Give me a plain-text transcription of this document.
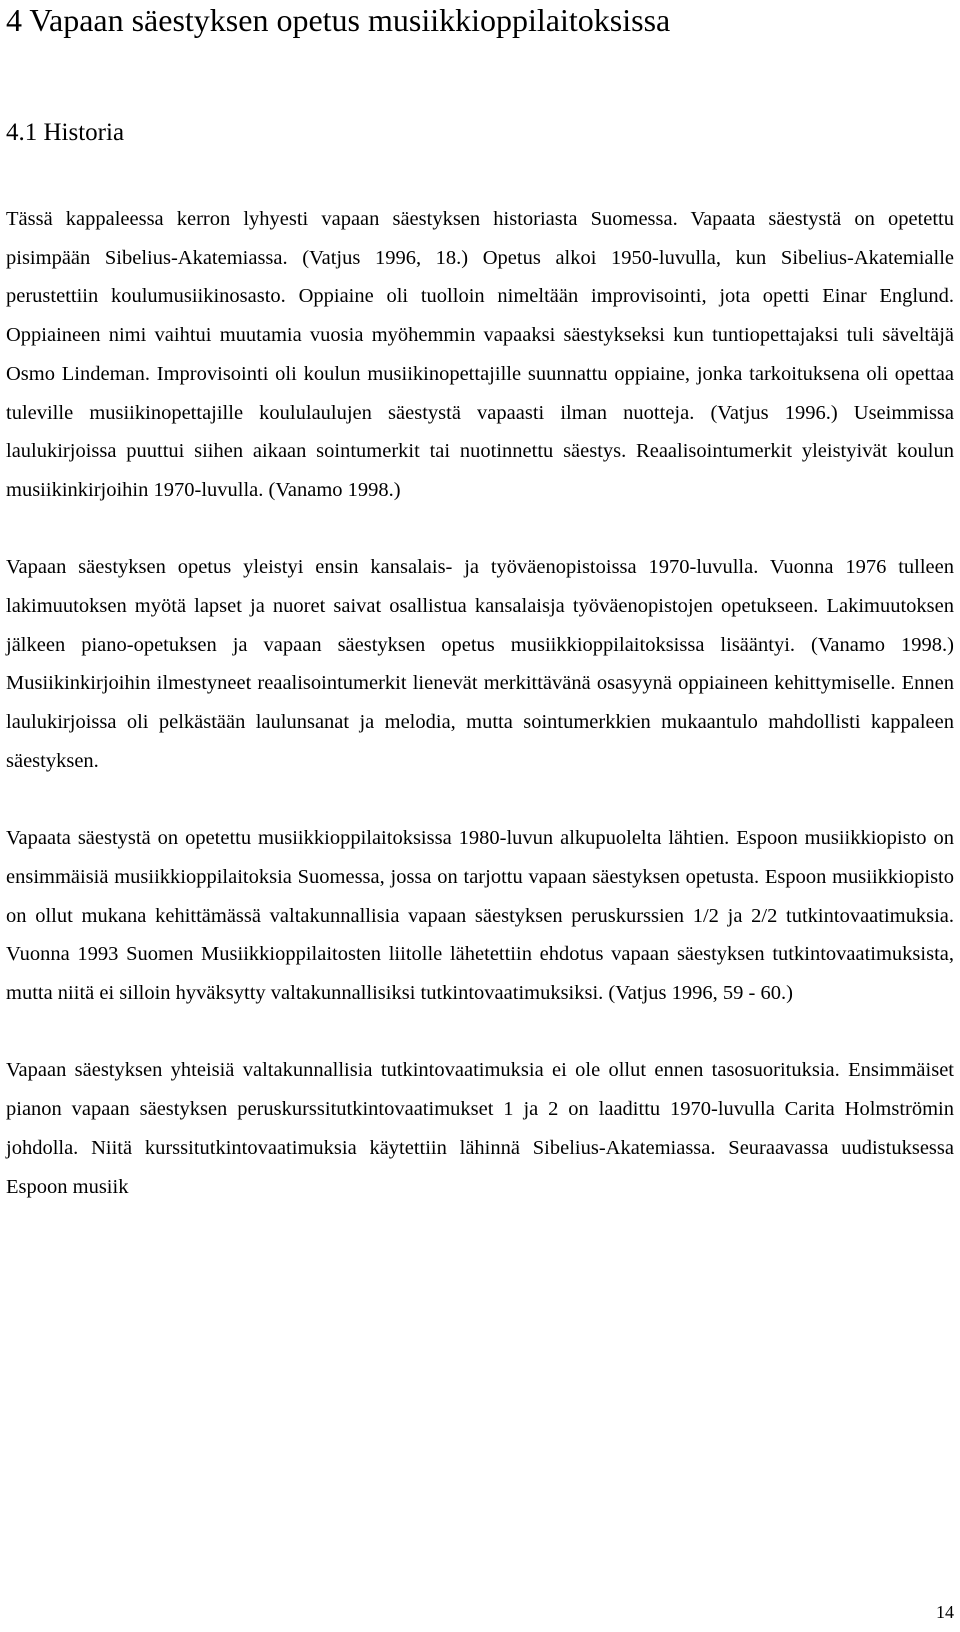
4 Vapaan säestyksen opetus musiikkioppilaitoksissa
4.1 Historia

Tässä kappaleessa kerron lyhyesti vapaan säestyksen historiasta Suomessa. Vapaata säestystä on opetettu pisimpään Sibelius-Akatemiassa. (Vatjus 1996, 18.) Opetus alkoi 1950-luvulla, kun Sibelius-Akatemialle perustettiin koulumusiikinosasto. Oppiaine oli tuolloin nimeltään improvisointi, jota opetti Einar Englund. Oppiaineen nimi vaihtui muutamia vuosia myöhemmin vapaaksi säestykseksi kun tuntiopettajaksi tuli säveltäjä Osmo Lindeman. Improvisointi oli koulun musiikinopettajille suunnattu oppiaine, jonka tarkoituksena oli opettaa tuleville musiikinopettajille koululaulujen säestystä vapaasti ilman nuotteja. (Vatjus 1996.) Useimmissa laulukirjoissa puuttui siihen aikaan sointumerkit tai nuotinnettu säestys. Reaalisointumerkit yleistyivät koulun musiikinkirjoihin 1970-luvulla. (Vanamo 1998.)

Vapaan säestyksen opetus yleistyi ensin kansalais- ja työväenopistoissa 1970-luvulla. Vuonna 1976 tulleen lakimuutoksen myötä lapset ja nuoret saivat osallistua kansalaisja työväenopistojen opetukseen. Lakimuutoksen jälkeen piano-opetuksen ja vapaan säestyksen opetus musiikkioppilaitoksissa lisääntyi. (Vanamo 1998.) Musiikinkirjoihin ilmestyneet reaalisointumerkit lienevät merkittävänä osasyynä oppiaineen kehittymiselle. Ennen laulukirjoissa oli pelkästään laulunsanat ja melodia, mutta sointumerkkien mukaantulo mahdollisti kappaleen säestyksen.

Vapaata säestystä on opetettu musiikkioppilaitoksissa 1980-luvun alkupuolelta lähtien. Espoon musiikkiopisto on ensimmäisiä musiikkioppilaitoksia Suomessa, jossa on tarjottu vapaan säestyksen opetusta. Espoon musiikkiopisto on ollut mukana kehittämässä valtakunnallisia vapaan säestyksen peruskurssien 1/2 ja 2/2 tutkintovaatimuksia. Vuonna 1993 Suomen Musiikkioppilaitosten liitolle lähetettiin ehdotus vapaan säestyksen tutkintovaatimuksista, mutta niitä ei silloin hyväksytty valtakunnallisiksi tutkintovaatimuksiksi. (Vatjus 1996, 59 - 60.)

Vapaan säestyksen yhteisiä valtakunnallisia tutkintovaatimuksia ei ole ollut ennen tasosuorituksia. Ensimmäiset pianon vapaan säestyksen peruskurssitutkintovaatimukset 1 ja 2 on laadittu 1970-luvulla Carita Holmströmin johdolla. Niitä kurssitutkintovaatimuksia käytettiin lähinnä Sibelius-Akatemiassa. Seuraavassa uudistuksessa Espoon musiik

14
